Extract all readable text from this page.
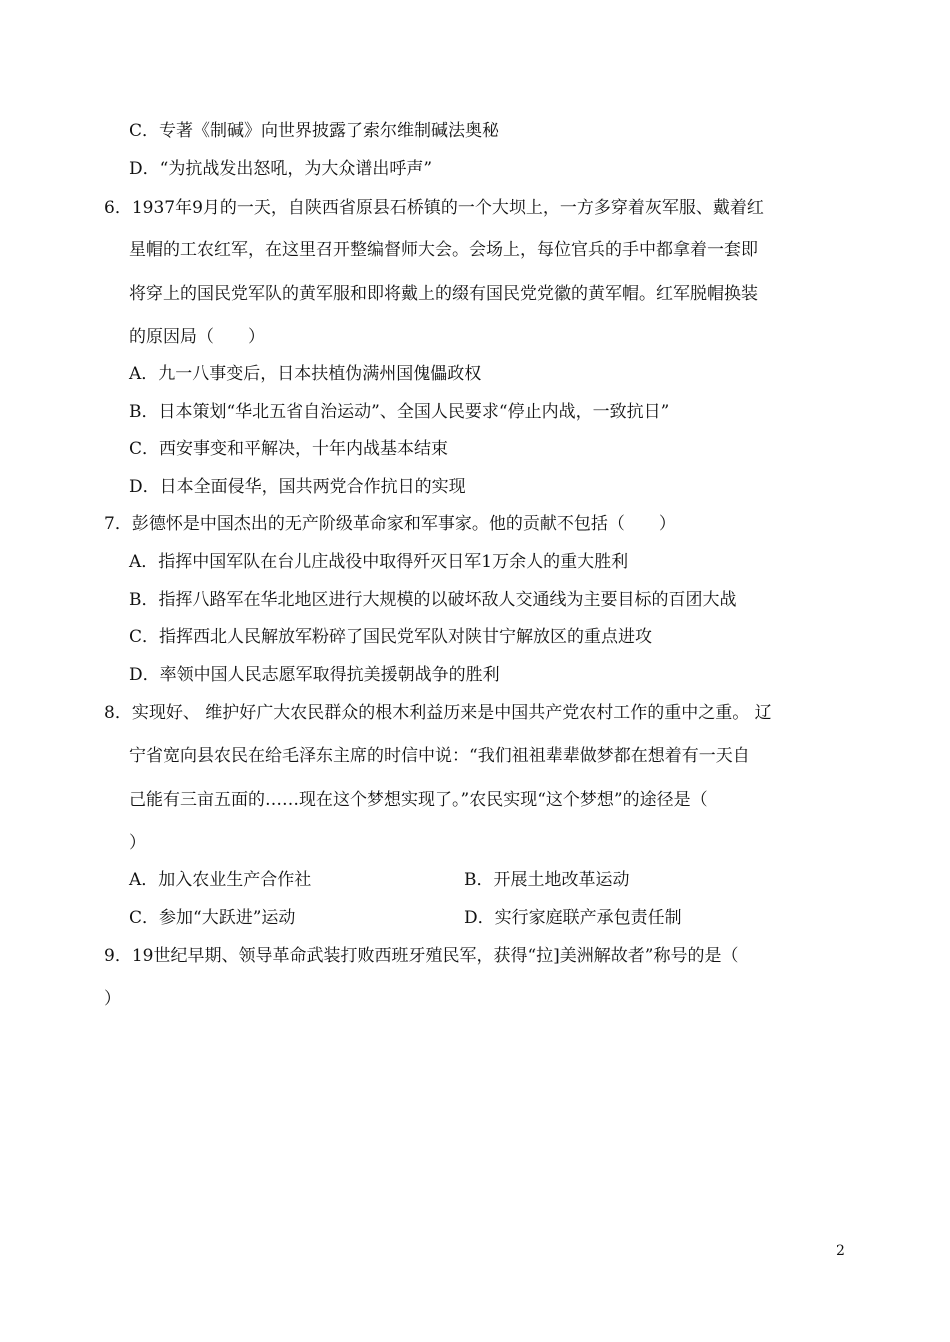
C．专著《制碱》向世界披露了索尔维制碱法奥秘
D．“为抗战发出怒吼，为大众谱出呼声”
6．1937年9月的一天，自陕西省原县石桥镇的一个大坝上，一方多穿着灰军服、戴着红
星帽的工农红军，在这里召开整编督师大会。会场上，每位官兵的手中都拿着一套即
将穿上的国民党军队的黄军服和即将戴上的缀有国民党党徽的黄军帽。红军脱帽换装
的原因局（　　）
A．九一八事变后，日本扶植伪满州国傀儡政权
B．日本策划“华北五省自治运动”、全国人民要求“停止内战，一致抗日”
C．西安事变和平解决，十年内战基本结束
D．日本全面侵华，国共两党合作抗日的实现
7．彭德怀是中国杰出的无产阶级革命家和军事家。他的贡献不包括（　　）
A．指挥中国军队在台儿庄战役中取得歼灭日军1万余人的重大胜利
B．指挥八路军在华北地区进行大规模的以破坏敌人交通线为主要目标的百团大战
C．指挥西北人民解放军粉碎了国民党军队对陕甘宁解放区的重点进攻
D．率领中国人民志愿军取得抗美援朝战争的胜利
8．实现好、 维护好广大农民群众的根木利益历来是中国共产党农村工作的重中之重。 辽
宁省宽向县农民在给毛泽东主席的时信中说：“我们祖祖辈辈做梦都在想着有一天自
己能有三亩五面的……现在这个梦想实现了。”农民实现“这个梦想”的途径是（
）
A．加入农业生产合作社	B．开展土地改革运动
C．参加“大跃进”运动	D．实行家庭联产承包责任制
9．19世纪早期、领导革命武装打败西班牙殖民军，获得“拉]美洲解故者”称号的是（
）
2
